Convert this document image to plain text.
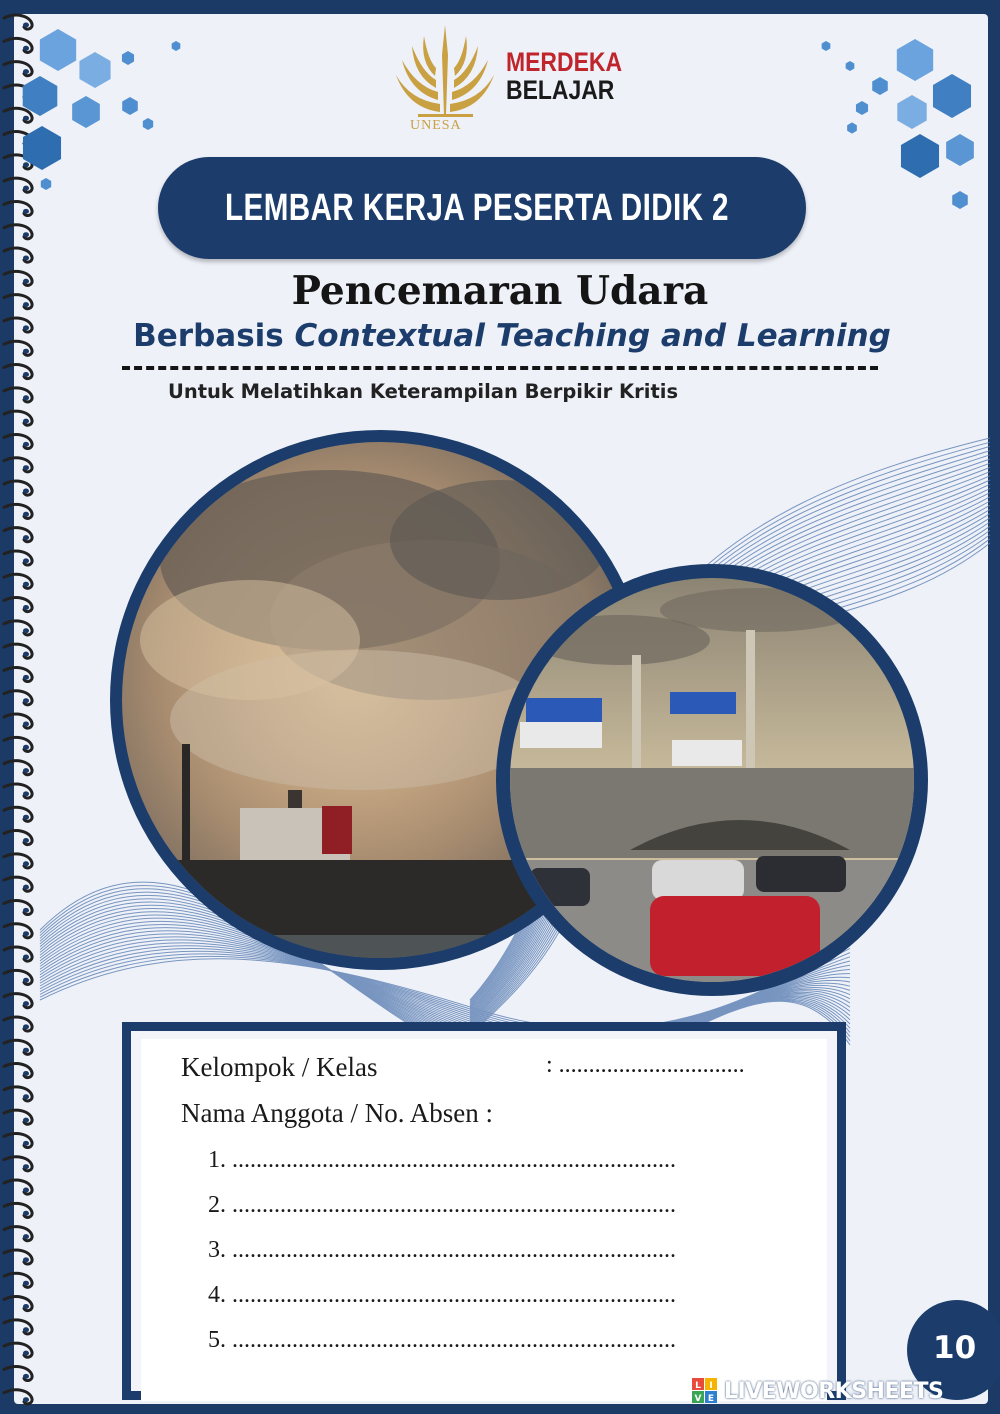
UNESA
MERDEKA
BELAJAR
LEMBAR KERJA PESERTA DIDIK 2
Pencemaran Udara
Berbasis Contextual Teaching and Learning
Untuk Melatihkan Keterampilan Berpikir Kritis
Kelompok / Kelas	: ...............................
Nama Anggota / No. Absen :
1. ..........................................................................
2. ..........................................................................
3. ..........................................................................
4. ..........................................................................
5. ..........................................................................	10
L I
V E LIVEWORKSHEETS
